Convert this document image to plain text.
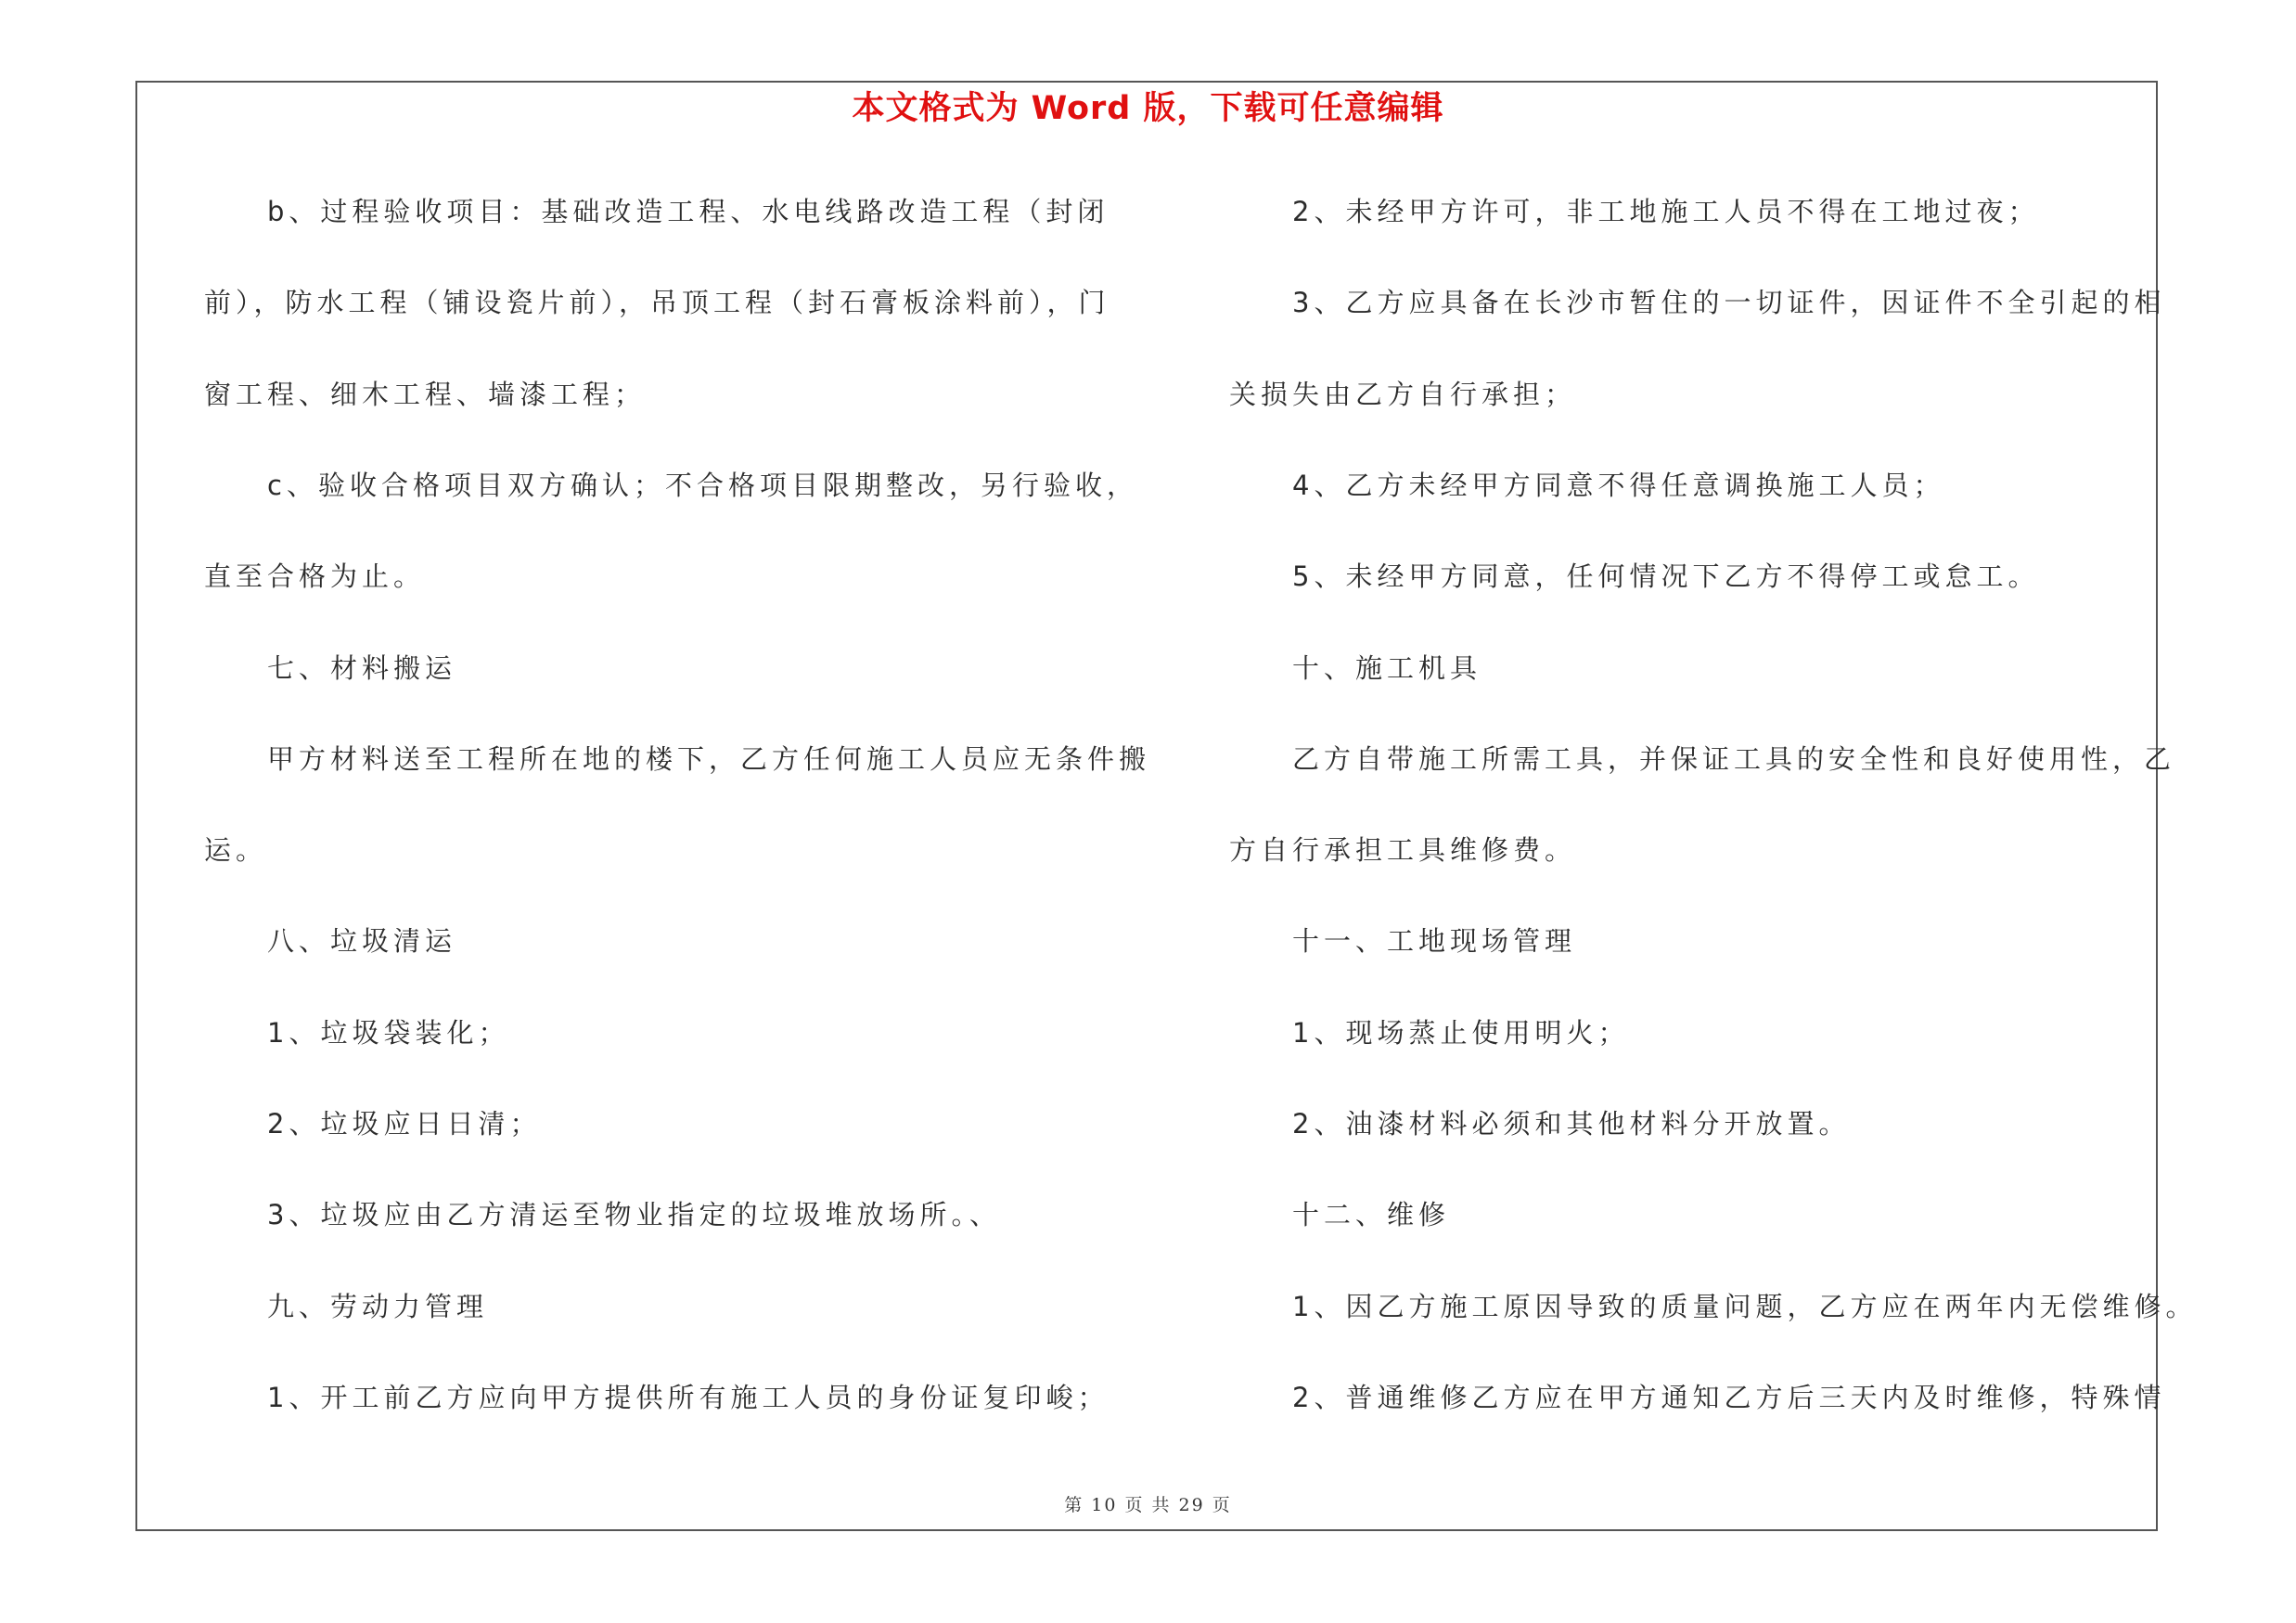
本文格式为 Word 版，下载可任意编辑
b、过程验收项目：基础改造工程、水电线路改造工程（封闭
前），防水工程（铺设瓷片前），吊顶工程（封石膏板涂料前），门
窗工程、细木工程、墙漆工程；
c、验收合格项目双方确认；不合格项目限期整改，另行验收，
直至合格为止。
七、材料搬运
甲方材料送至工程所在地的楼下，乙方任何施工人员应无条件搬
运。
八、垃圾清运
1、垃圾袋装化；
2、垃圾应日日清；
3、垃圾应由乙方清运至物业指定的垃圾堆放场所。、
九、劳动力管理
1、开工前乙方应向甲方提供所有施工人员的身份证复印峻；
2、未经甲方许可，非工地施工人员不得在工地过夜；
3、乙方应具备在长沙市暂住的一切证件，因证件不全引起的相
关损失由乙方自行承担；
4、乙方未经甲方同意不得任意调换施工人员；
5、未经甲方同意，任何情况下乙方不得停工或怠工。
十、施工机具
乙方自带施工所需工具，并保证工具的安全性和良好使用性，乙
方自行承担工具维修费。
十一、工地现场管理
1、现场蒸止使用明火；
2、油漆材料必须和其他材料分开放置。
十二、维修
1、因乙方施工原因导致的质量问题，乙方应在两年内无偿维修。
2、普通维修乙方应在甲方通知乙方后三天内及时维修，特殊情
第 10 页 共 29 页
